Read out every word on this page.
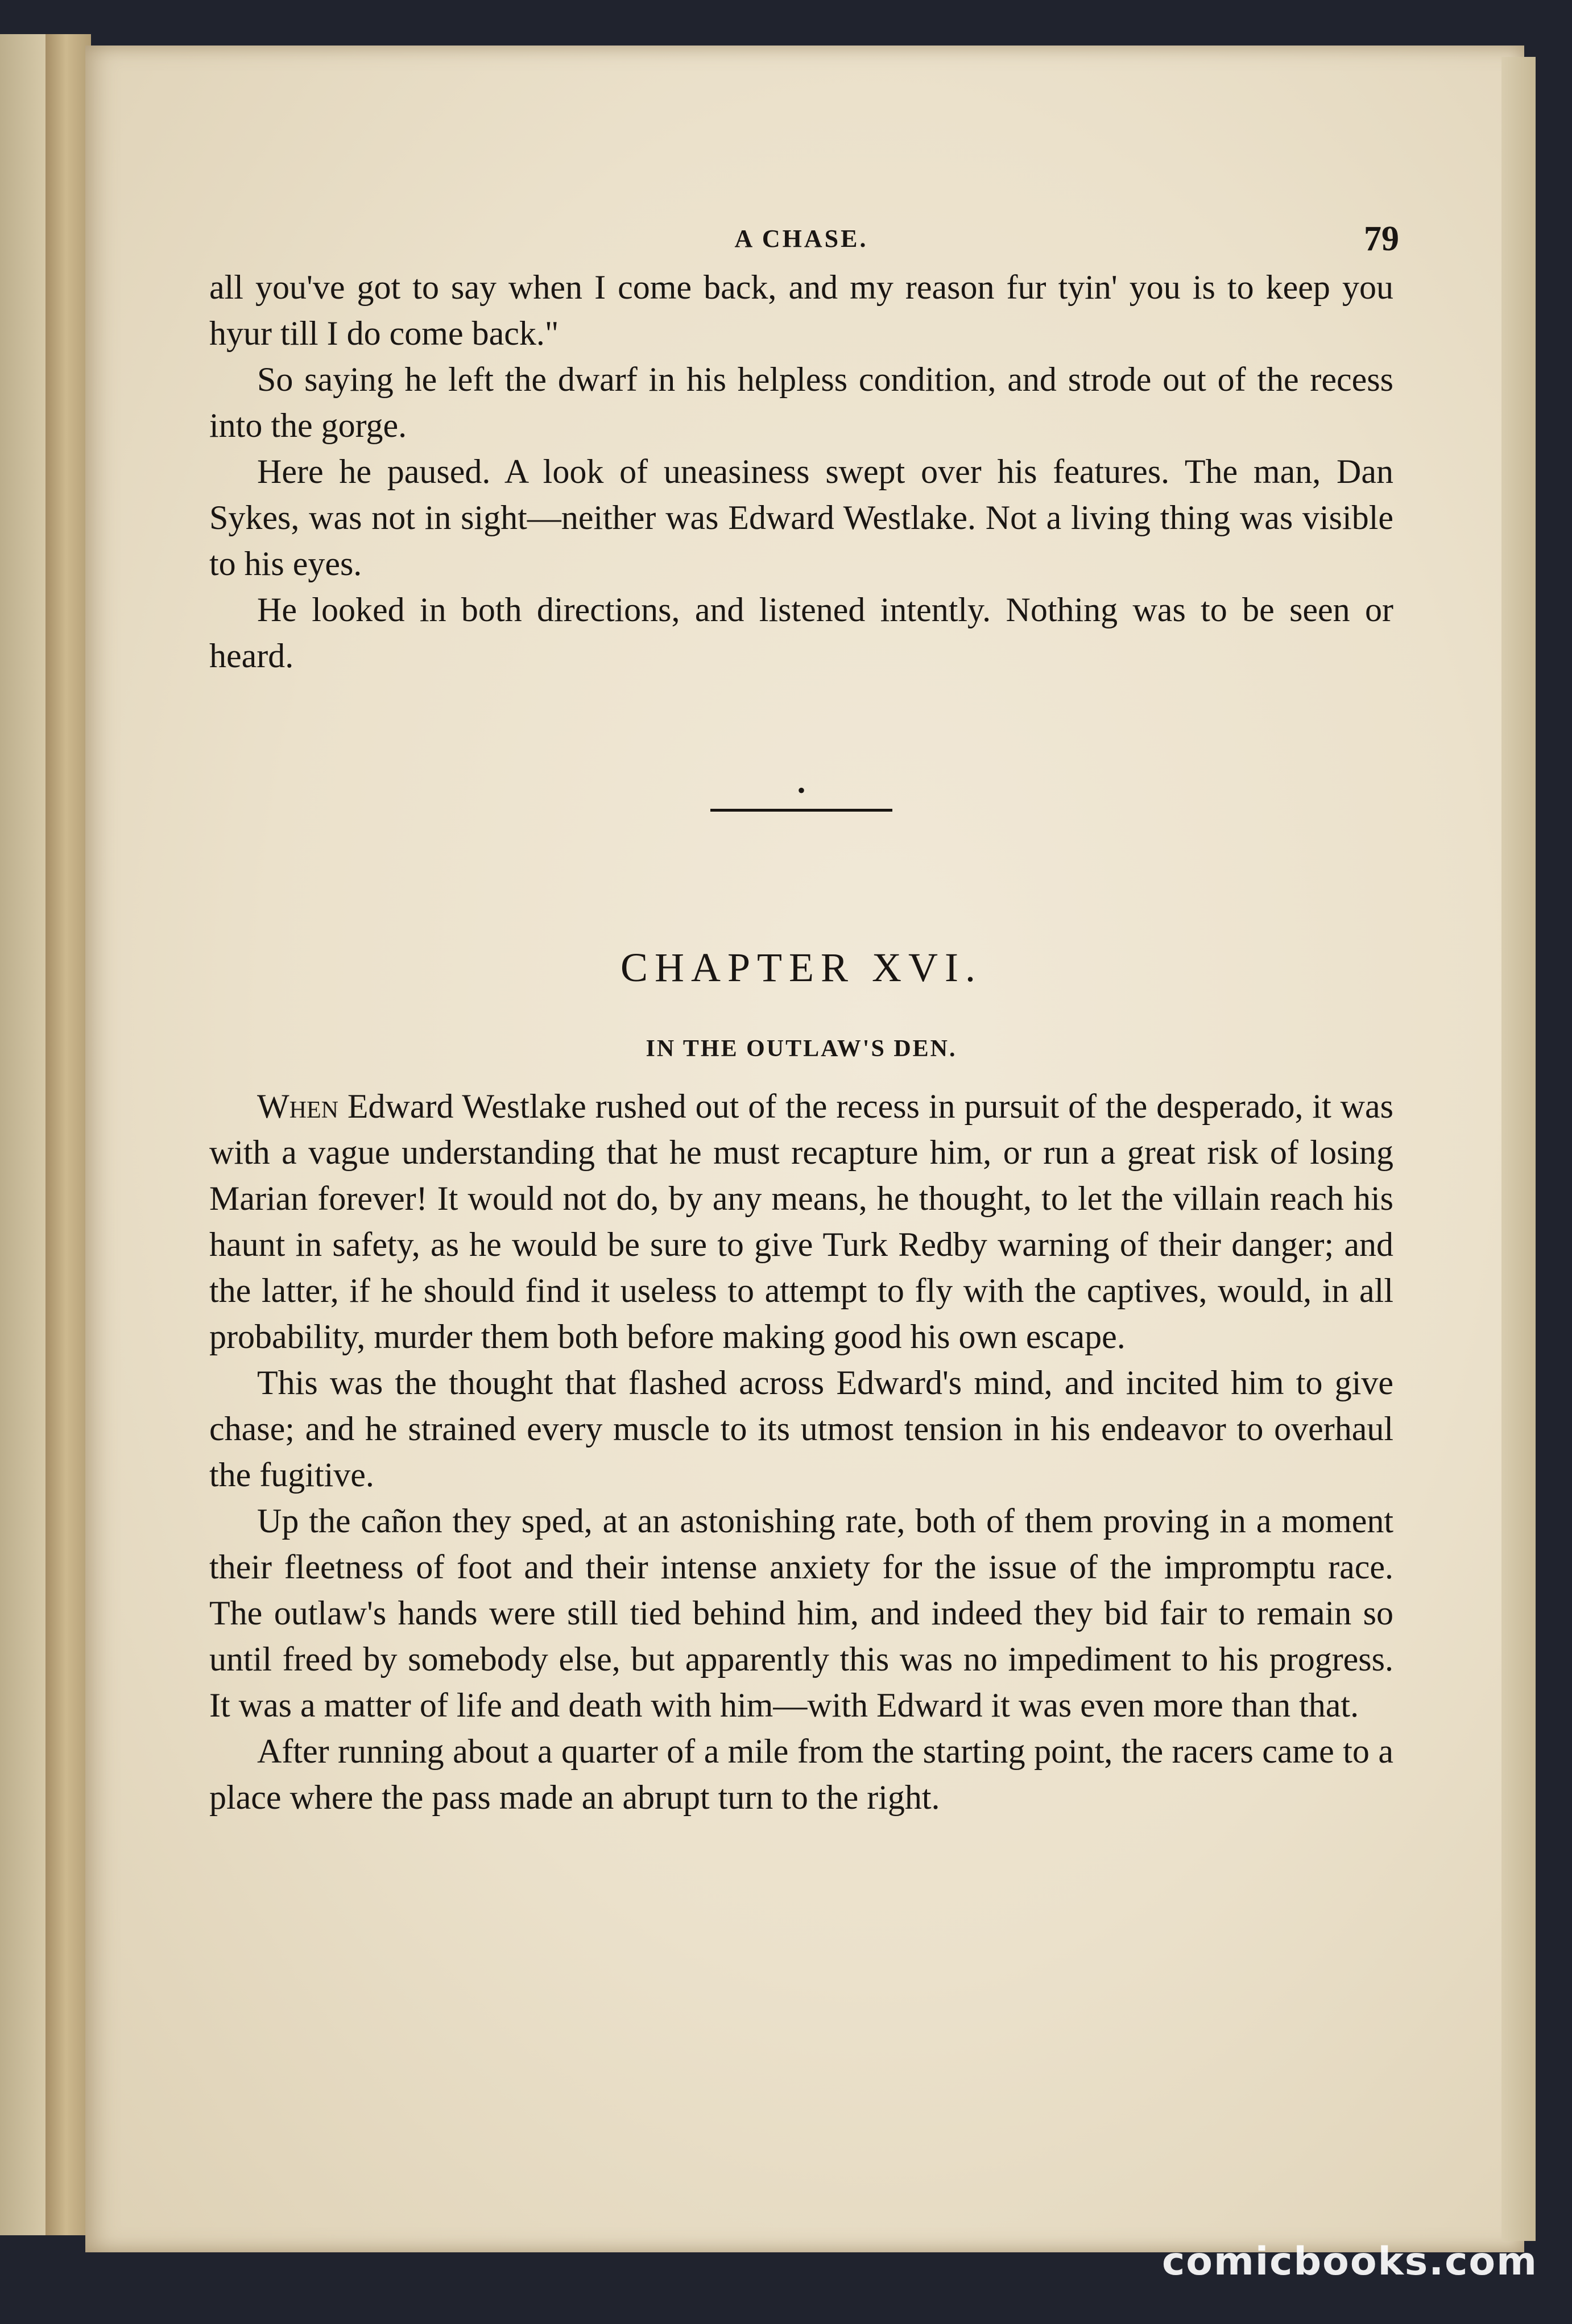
A CHASE.	79

all you've got to say when I come back, and my reason fur tyin' you is to keep you hyur till I do come back."

So saying he left the dwarf in his helpless condition, and strode out of the recess into the gorge.

Here he paused. A look of uneasiness swept over his features. The man, Dan Sykes, was not in sight—neither was Edward Westlake. Not a living thing was visible to his eyes.

He looked in both directions, and listened intently. Nothing was to be seen or heard.

•
CHAPTER XVI.
IN THE OUTLAW'S DEN.

When Edward Westlake rushed out of the recess in pursuit of the desperado, it was with a vague understanding that he must recapture him, or run a great risk of losing Marian forever! It would not do, by any means, he thought, to let the villain reach his haunt in safety, as he would be sure to give Turk Redby warning of their danger; and the latter, if he should find it useless to attempt to fly with the captives, would, in all probability, murder them both before making good his own escape.

This was the thought that flashed across Edward's mind, and incited him to give chase; and he strained every muscle to its utmost tension in his endeavor to overhaul the fugitive.

Up the cañon they sped, at an astonishing rate, both of them proving in a moment their fleetness of foot and their intense anxiety for the issue of the impromptu race. The outlaw's hands were still tied behind him, and indeed they bid fair to remain so until freed by somebody else, but apparently this was no impediment to his progress. It was a matter of life and death with him—with Edward it was even more than that.

After running about a quarter of a mile from the starting point, the racers came to a place where the pass made an abrupt turn to the right.

comicbooks.com
